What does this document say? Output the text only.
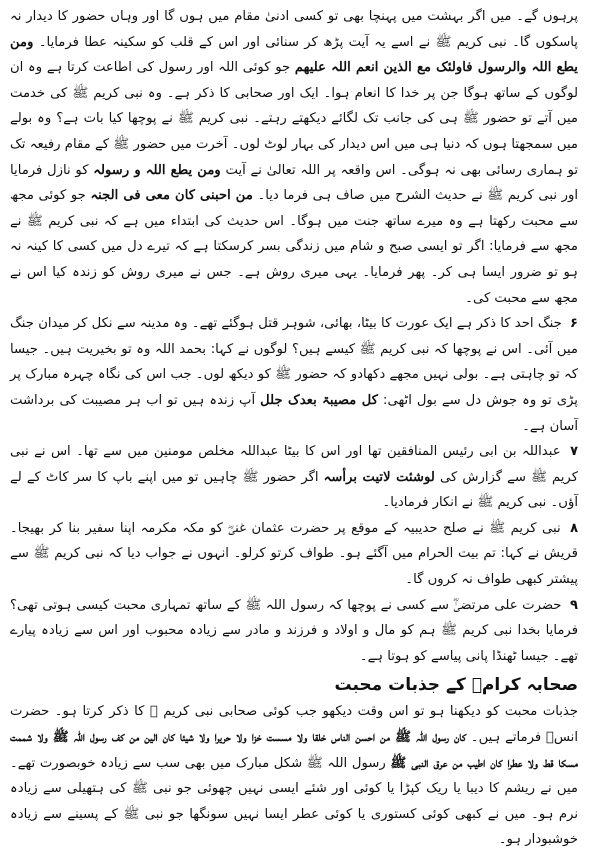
پرہوں گے۔ میں اگر بہشت میں پہنچا بھی تو کسی ادنیٰ مقام میں ہوں گا اور وہاں حضور کا دیدار نہ پاسکوں گا۔ نبی کریم ﷺ نے اسے یہ آیت پڑھ کر سنائی اور اس کے قلب کو سکینہ عطا فرمایا۔ ومن یطع اللہ والرسول فاولئک مع الذین انعم اللہ علیھم جو کوئی اللہ اور رسول کی اطاعت کرتا ہے وہ ان لوگوں کے ساتھ ہوگا جن پر خدا کا انعام ہوا۔ ایک اور صحابی کا ذکر ہے۔ وہ نبی کریم ﷺ کی خدمت میں آتے تو حضور ﷺ ہی کی جانب تک لگائے دیکھتے رہتے۔ نبی کریم ﷺ نے پوچھا کیا بات ہے؟ وہ بولے میں سمجھتا ہوں کہ دنیا ہی میں اس دیدار کی بہار لوٹ لوں۔ آخرت میں حضور ﷺ کے مقام رفیعہ تک تو ہماری رسائی بھی نہ ہوگی۔ اس واقعہ پر اللہ تعالیٰ نے آیت ومن یطع اللہ و رسولہ کو نازل فرمایا اور نبی کریم ﷺ نے حدیث الشرح میں صاف ہی فرما دیا۔ من احبنی کان معی فی الجنہ جو کوئی مجھ سے محبت رکھتا ہے وہ میرے ساتھ جنت میں ہوگا۔ اس حدیث کی ابتداء میں ہے کہ نبی کریم ﷺ نے مجھ سے فرمایا: اگر تو ایسی صبح و شام میں زندگی بسر کرسکتا ہے کہ تیرے دل میں کسی کا کینہ نہ ہو تو ضرور ایسا ہی کر۔ پھر فرمایا۔ یہی میری روش ہے۔ جس نے میری روش کو زندہ کیا اس نے مجھ سے محبت کی۔

۶ جنگ احد کا ذکر ہے ایک عورت کا بیٹا، بھائی، شوہر قتل ہوگئے تھے۔ وہ مدینہ سے نکل کر میدان جنگ میں آئی۔ اس نے پوچھا کہ نبی کریم ﷺ کیسے ہیں؟ لوگوں نے کہا: بحمد اللہ وہ تو بخیریت ہیں۔ جیسا کہ تو چاہتی ہے۔ بولی نہیں مجھے دکھادو کہ حضور ﷺ کو دیکھ لوں۔ جب اس کی نگاہ چہرہ مبارک پر پڑی تو وہ جوش دل سے بول اٹھی: کل مصیبۃ بعدک جلل آپ زندہ ہیں تو اب ہر مصیبت کی برداشت آسان ہے۔

۷ عبداللہ بن ابی رئیس المنافقین تھا اور اس کا بیٹا عبداللہ مخلص مومنین میں سے تھا۔ اس نے نبی کریم ﷺ سے گزارش کی لوشئت لاتیت برأسہ اگر حضور ﷺ چاہیں تو میں اپنے باپ کا سر کاٹ کے لے آؤں۔ نبی کریم ﷺ نے انکار فرمادیا۔

۸ نبی کریم ﷺ نے صلح حدیبیہ کے موقع پر حضرت عثمان غنیؓ کو مکہ مکرمہ اپنا سفیر بنا کر بھیجا۔ قریش نے کہا: تم بیت الحرام میں آگئے ہو۔ طواف کرتو کرلو۔ انہوں نے جواب دیا کہ نبی کریم ﷺ سے پیشتر کبھی طواف نہ کروں گا۔

۹ حضرت علی مرتضیٰؓ سے کسی نے پوچھا کہ رسول اللہ ﷺ کے ساتھ تمہاری محبت کیسی ہوتی تھی؟ فرمایا بخدا نبی کریم ﷺ ہم کو مال و اولاد و فرزند و مادر سے زیادہ محبوب اور اس سے زیادہ پیارے تھے۔ جیسا ٹھنڈا پانی پیاسے کو ہوتا ہے۔

صحابہ کرامؓ کے جذبات محبت

جذبات محبت کو دیکھنا ہو تو اس وقت دیکھو جب کوئی صحابی نبی کریم ﷺ کا ذکر کرتا ہو۔ حضرت انسؓ فرماتے ہیں۔ کان رسول اللہ ﷺ من احسن الناس خلقا ولا مسست خزا ولا حریرا ولا شیئا کان الین من کف رسول اللہ ﷺ ولا شممت مسکا قط ولا عطرا کان اطیب من عرق النبی ﷺ رسول اللہ ﷺ شکل مبارک میں بھی سب سے زیادہ خوبصورت تھے۔ میں نے ریشم کا دیبا یا ریک کپڑا یا کوئی اور شئے ایسی نہیں چھوئی جو نبی ﷺ کی ہتھیلی سے زیادہ نرم ہو۔ میں نے کبھی کوئی کستوری یا کوئی عطر ایسا نہیں سونگھا جو نبی ﷺ کے پسینے سے زیادہ خوشبودار ہو۔
